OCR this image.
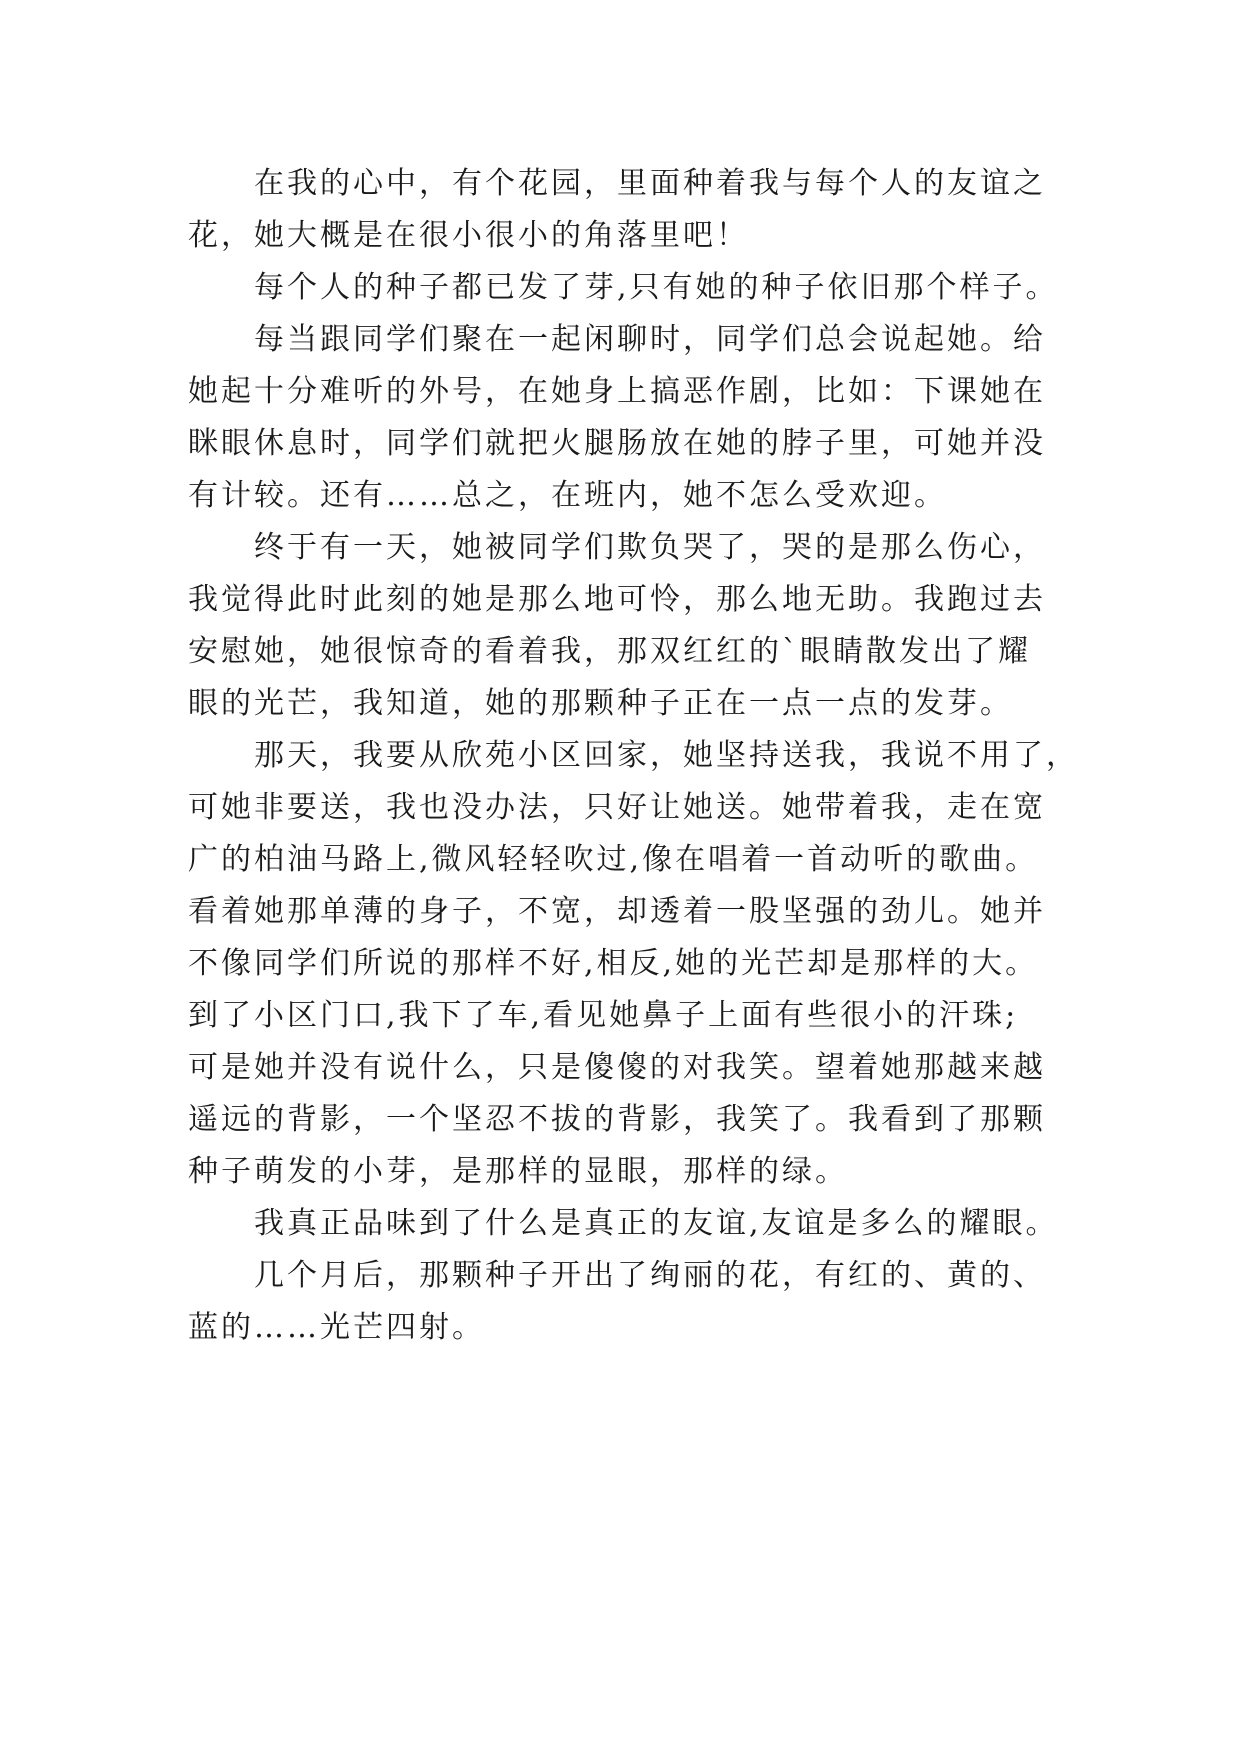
在我的心中，有个花园，里面种着我与每个人的友谊之
花，她大概是在很小很小的角落里吧！
每个人的种子都已发了芽,只有她的种子依旧那个样子。
每当跟同学们聚在一起闲聊时，同学们总会说起她。给
她起十分难听的外号，在她身上搞恶作剧，比如：下课她在
眯眼休息时，同学们就把火腿肠放在她的脖子里，可她并没
有计较。还有……总之，在班内，她不怎么受欢迎。
终于有一天，她被同学们欺负哭了，哭的是那么伤心，
我觉得此时此刻的她是那么地可怜，那么地无助。我跑过去
安慰她，她很惊奇的看着我，那双红红的`眼睛散发出了耀
眼的光芒，我知道，她的那颗种子正在一点一点的发芽。
那天，我要从欣苑小区回家，她坚持送我，我说不用了，
可她非要送，我也没办法，只好让她送。她带着我，走在宽
广的柏油马路上,微风轻轻吹过,像在唱着一首动听的歌曲。
看着她那单薄的身子，不宽，却透着一股坚强的劲儿。她并
不像同学们所说的那样不好,相反,她的光芒却是那样的大。
到了小区门口,我下了车,看见她鼻子上面有些很小的汗珠;
可是她并没有说什么，只是傻傻的对我笑。望着她那越来越
遥远的背影，一个坚忍不拔的背影，我笑了。我看到了那颗
种子萌发的小芽，是那样的显眼，那样的绿。
我真正品味到了什么是真正的友谊,友谊是多么的耀眼。
几个月后，那颗种子开出了绚丽的花，有红的、黄的、
蓝的……光芒四射。
